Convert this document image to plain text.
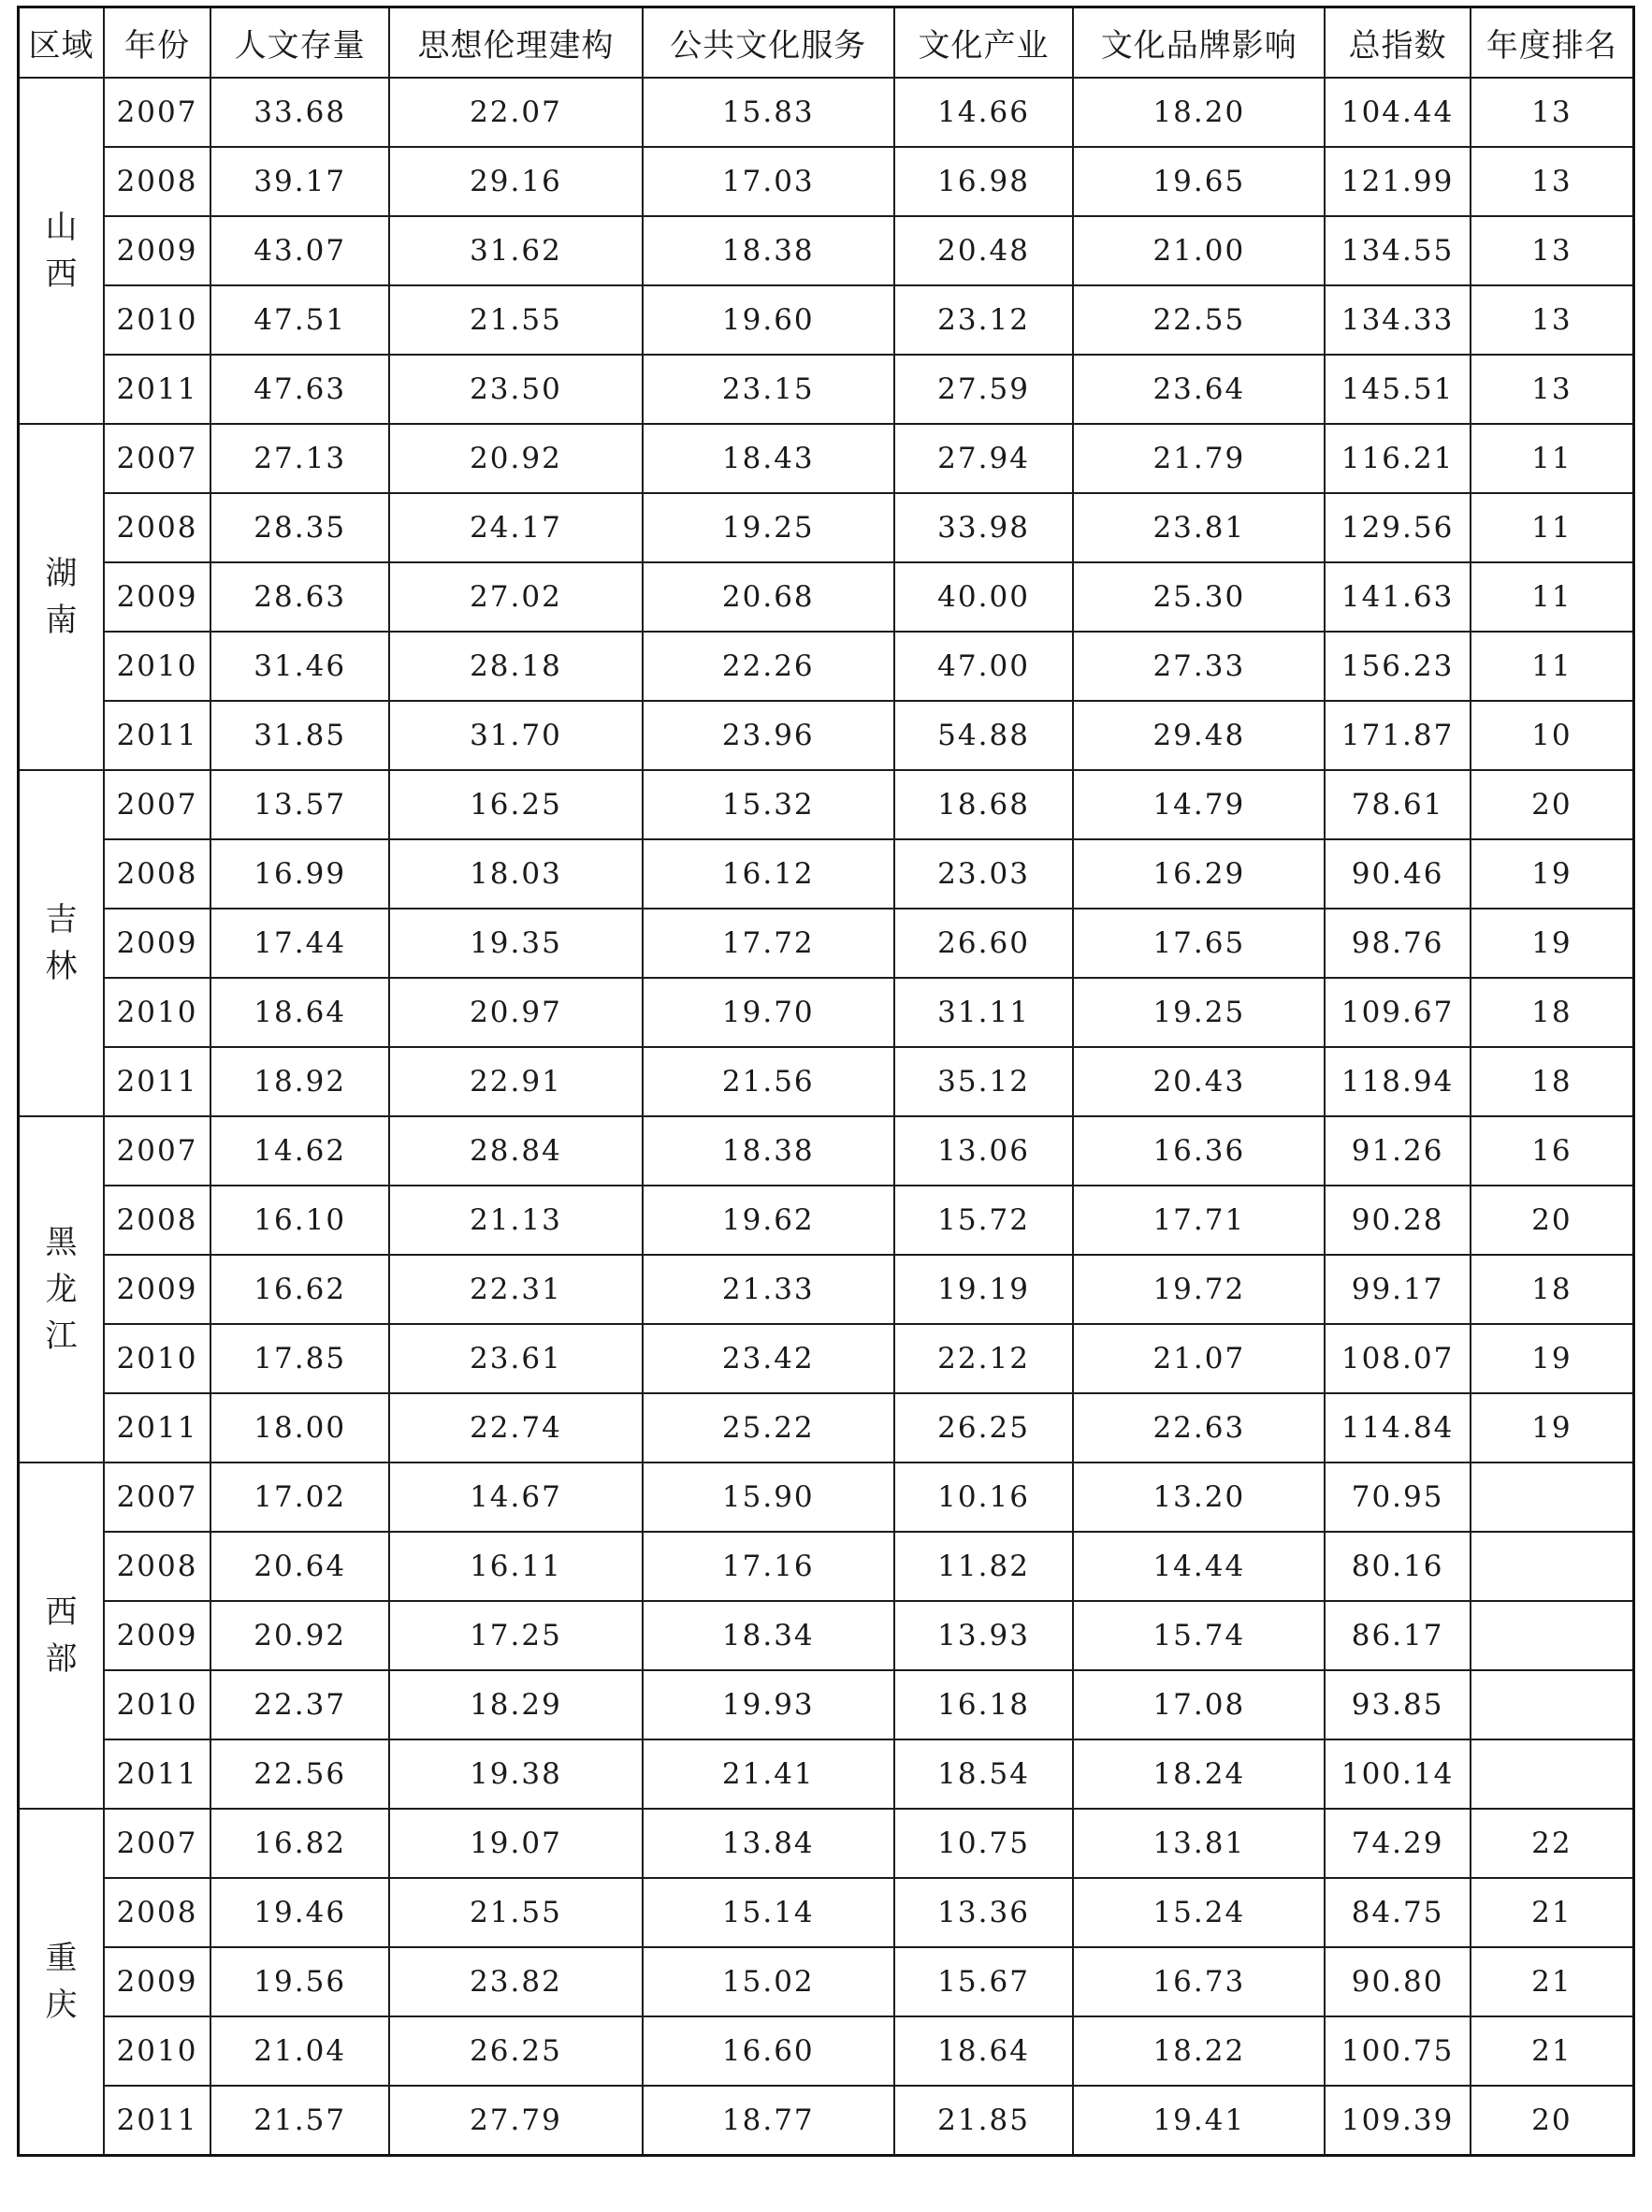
区域	年份	人文存量	思想伦理建构	公共文化服务	文化产业	文化品牌影响	总指数	年度排名

山
西	2007	33.68	22.07	15.83	14.66	18.20	104.44	13
	2008	39.17	29.16	17.03	16.98	19.65	121.99	13
	2009	43.07	31.62	18.38	20.48	21.00	134.55	13
	2010	47.51	21.55	19.60	23.12	22.55	134.33	13
	2011	47.63	23.50	23.15	27.59	23.64	145.51	13

湖
南	2007	27.13	20.92	18.43	27.94	21.79	116.21	11
	2008	28.35	24.17	19.25	33.98	23.81	129.56	11
	2009	28.63	27.02	20.68	40.00	25.30	141.63	11
	2010	31.46	28.18	22.26	47.00	27.33	156.23	11
	2011	31.85	31.70	23.96	54.88	29.48	171.87	10

吉
林	2007	13.57	16.25	15.32	18.68	14.79	78.61	20
	2008	16.99	18.03	16.12	23.03	16.29	90.46	19
	2009	17.44	19.35	17.72	26.60	17.65	98.76	19
	2010	18.64	20.97	19.70	31.11	19.25	109.67	18
	2011	18.92	22.91	21.56	35.12	20.43	118.94	18

黑
龙
江	2007	14.62	28.84	18.38	13.06	16.36	91.26	16
	2008	16.10	21.13	19.62	15.72	17.71	90.28	20
	2009	16.62	22.31	21.33	19.19	19.72	99.17	18
	2010	17.85	23.61	23.42	22.12	21.07	108.07	19
	2011	18.00	22.74	25.22	26.25	22.63	114.84	19

西
部	2007	17.02	14.67	15.90	10.16	13.20	70.95	
	2008	20.64	16.11	17.16	11.82	14.44	80.16	
	2009	20.92	17.25	18.34	13.93	15.74	86.17	
	2010	22.37	18.29	19.93	16.18	17.08	93.85	
	2011	22.56	19.38	21.41	18.54	18.24	100.14	

重
庆	2007	16.82	19.07	13.84	10.75	13.81	74.29	22
	2008	19.46	21.55	15.14	13.36	15.24	84.75	21
	2009	19.56	23.82	15.02	15.67	16.73	90.80	21
	2010	21.04	26.25	16.60	18.64	18.22	100.75	21
	2011	21.57	27.79	18.77	21.85	19.41	109.39	20
